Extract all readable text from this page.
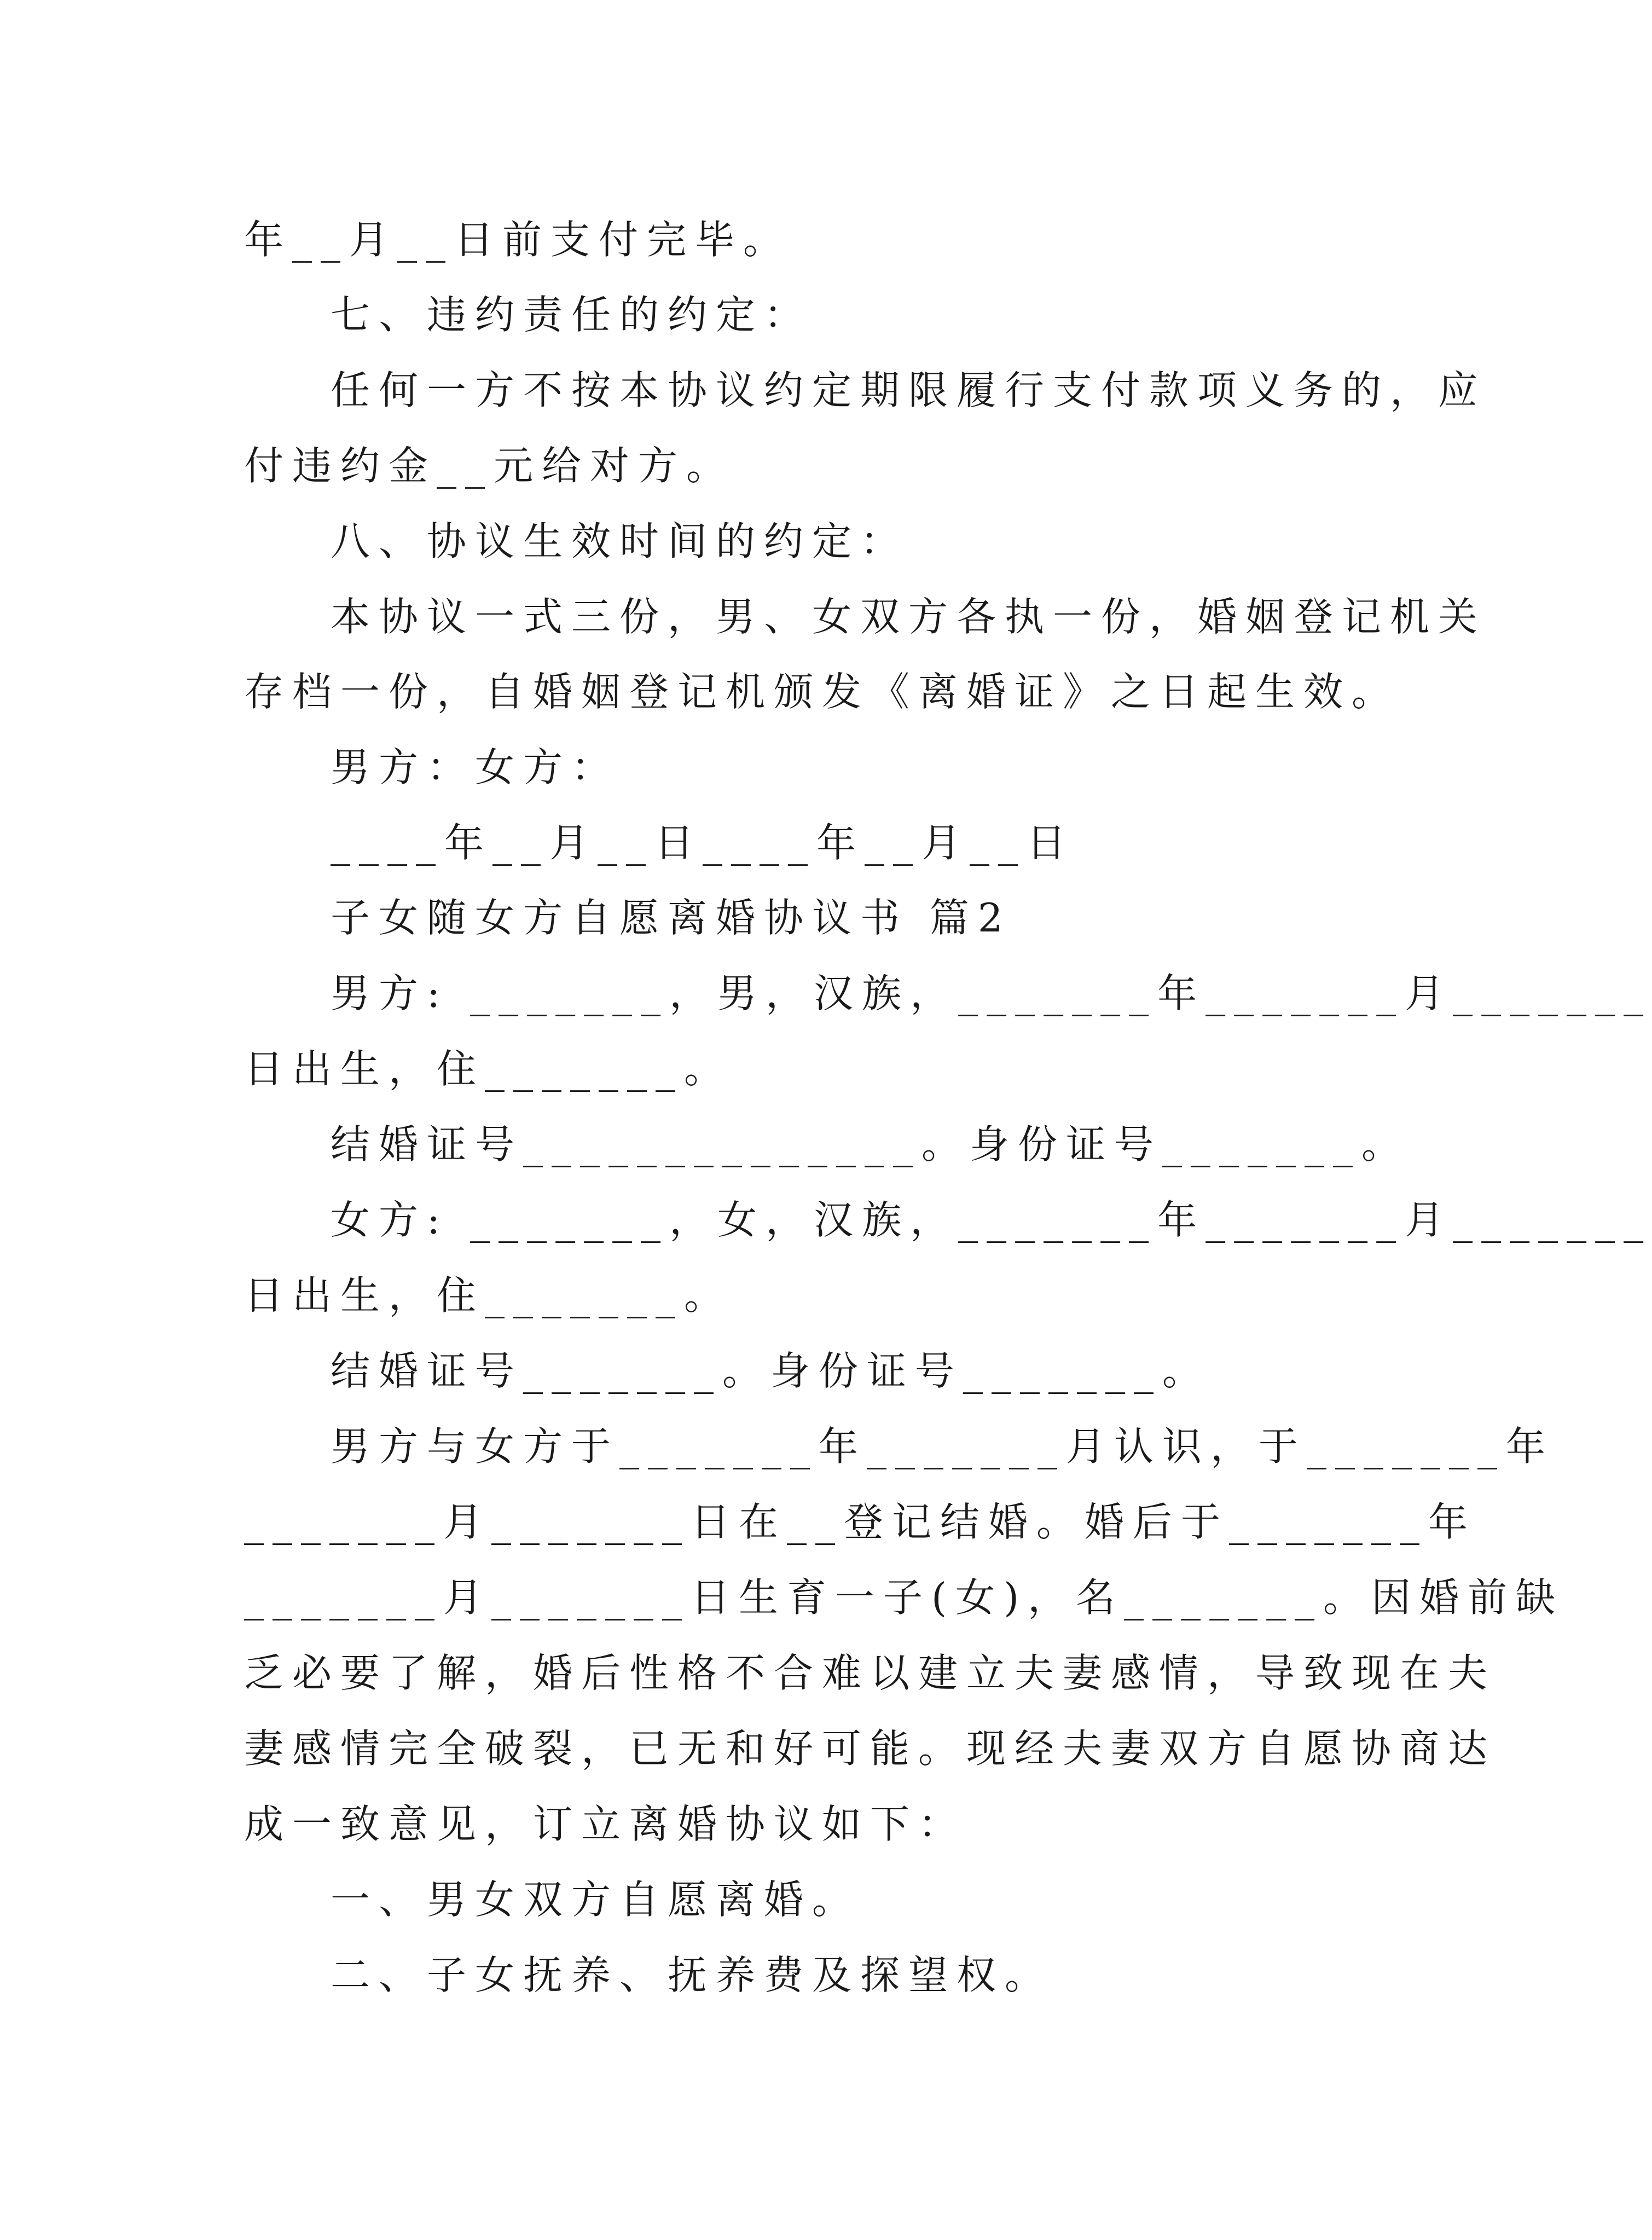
年__月__日前支付完毕。
七、违约责任的约定：
任何一方不按本协议约定期限履行支付款项义务的，应
付违约金__元给对方。
八、协议生效时间的约定：
本协议一式三份，男、女双方各执一份，婚姻登记机关
存档一份，自婚姻登记机颁发《离婚证》之日起生效。
男方：女方：
____年__月__日____年__月__日
子女随女方自愿离婚协议书 篇2
男方: _______，男，汉族，_______年_______月_______
日出生，住_______。
结婚证号______________。身份证号_______。
女方: _______，女，汉族，_______年_______月_______
日出生，住_______。
结婚证号_______。身份证号_______。
男方与女方于_______年_______月认识，于_______年
_______月_______日在__登记结婚。婚后于_______年
_______月_______日生育一子(女)，名_______。因婚前缺
乏必要了解，婚后性格不合难以建立夫妻感情，导致现在夫
妻感情完全破裂，已无和好可能。现经夫妻双方自愿协商达
成一致意见，订立离婚协议如下：
一、男女双方自愿离婚。
二、子女抚养、抚养费及探望权。
